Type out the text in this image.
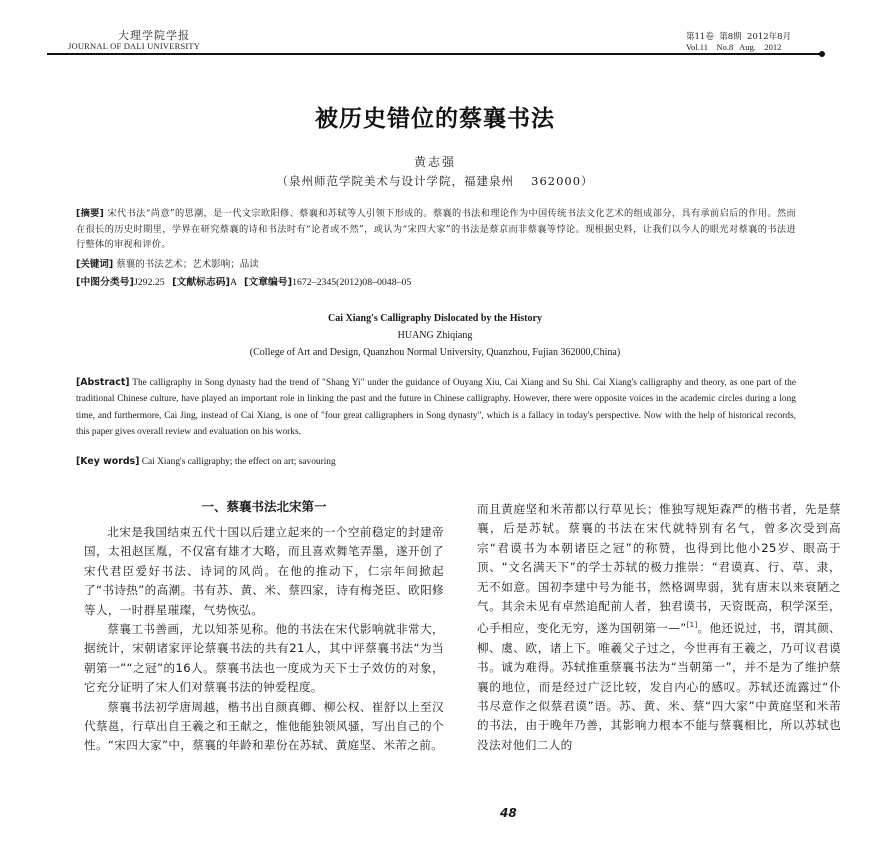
大理学院学报
JOURNAL OF DALI UNIVERSITY
第11卷  第8期  2012年8月
Vol.11    No.8   Aug.    2012
被历史错位的蔡襄书法
黄志强
（泉州师范学院美术与设计学院，福建泉州　 362000）
[摘要] 宋代书法“尚意”的思潮，是一代文宗欧阳修、蔡襄和苏轼等人引领下形成的。蔡襄的书法和理论作为中国传统书法文化艺术的组成部分，具有承前启后的作用。然而在很长的历史时期里，学界在研究蔡襄的诗和书法时有“论者或不然”，或认为“宋四大家”的书法是蔡京而非蔡襄等悖论。现根据史料，让我们以今人的眼光对蔡襄的书法进行整体的审视和评价。
[关键词] 蔡襄的书法艺术；艺术影响；品读
[中图分类号]J292.25 [文献标志码]A [文章编号]1672–2345(2012)08–0048–05
Cai Xiang's Calligraphy Dislocated by the History
HUANG Zhiqiang
(College of Art and Design, Quanzhou Normal University, Quanzhou, Fujian 362000,China)
[Abstract] The calligraphy in Song dynasty had the trend of "Shang Yi" under the guidance of Ouyang Xiu, Cai Xiang and Su Shi. Cai Xiang's calligraphy and theory, as one part of the traditional Chinese culture, have played an important role in linking the past and the future in Chinese calligraphy. However, there were opposite voices in the academic circles during a long time, and furthermore, Cai Jing, instead of Cai Xiang, is one of "four great calligraphers in Song dynasty", which is a fallacy in today's perspective. Now with the help of historical records, this paper gives overall review and evaluation on his works.
[Key words] Cai Xiang's calligraphy; the effect on art; savouring
一、蔡襄书法北宋第一
北宋是我国结束五代十国以后建立起来的一个空前稳定的封建帝国，太祖赵匡胤，不仅富有雄才大略，而且喜欢舞笔弄墨，遂开创了宋代君臣爱好书法、诗词的风尚。在他的推动下，仁宗年间掀起了“书诗热”的高潮。书有苏、黄、米、蔡四家，诗有梅尧臣、欧阳修等人，一时群星璀璨，气势恢弘。
蔡襄工书善画，尤以知茶见称。他的书法在宋代影响就非常大，据统计，宋朝诸家评论蔡襄书法的共有21人，其中评蔡襄书法“为当朝第一”“之冠”的16人。蔡襄书法也一度成为天下士子效仿的对象，它充分证明了宋人们对蔡襄书法的钟爱程度。
蔡襄书法初学唐周越，楷书出自颜真卿、柳公权、崔舒以上至汉代蔡邕，行草出自王羲之和王献之，惟他能独领风骚，写出自己的个性。“宋四大家”中，蔡襄的年龄和辈份在苏轼、黄庭坚、米芾之前。
而且黄庭坚和米芾都以行草见长；惟独写规矩森严的楷书者，先是蔡襄，后是苏轼。蔡襄的书法在宋代就特别有名气，曾多次受到高宗“君谟书为本朝诸臣之冠”的称赞，也得到比他小25岁、眼高于顶、“文名满天下”的学士苏轼的极力推崇：“君谟真、行、草、隶，无不如意。国初李建中号为能书，然格调卑弱，犹有唐末以来衰陋之气。其余未见有卓然追配前人者，独君谟书，天资既高，积学深至，心手相应，变化无穷，遂为国朝第一—”[1]。他还说过，书，谓其颜、柳、虞、欧，诸上下。唯羲父子过之，今世再有王羲之，乃可议君谟书。诚为难得。苏轼推重蔡襄书法为“当朝第一”，并不是为了维护蔡襄的地位，而是经过广泛比较，发自内心的感叹。苏轼还流露过“仆书尽意作之似蔡君谟”语。苏、黄、米、蔡“四大家”中黄庭坚和米芾的书法，由于晚年乃善，其影响力根本不能与蔡襄相比，所以苏轼也没法对他们二人的
48
